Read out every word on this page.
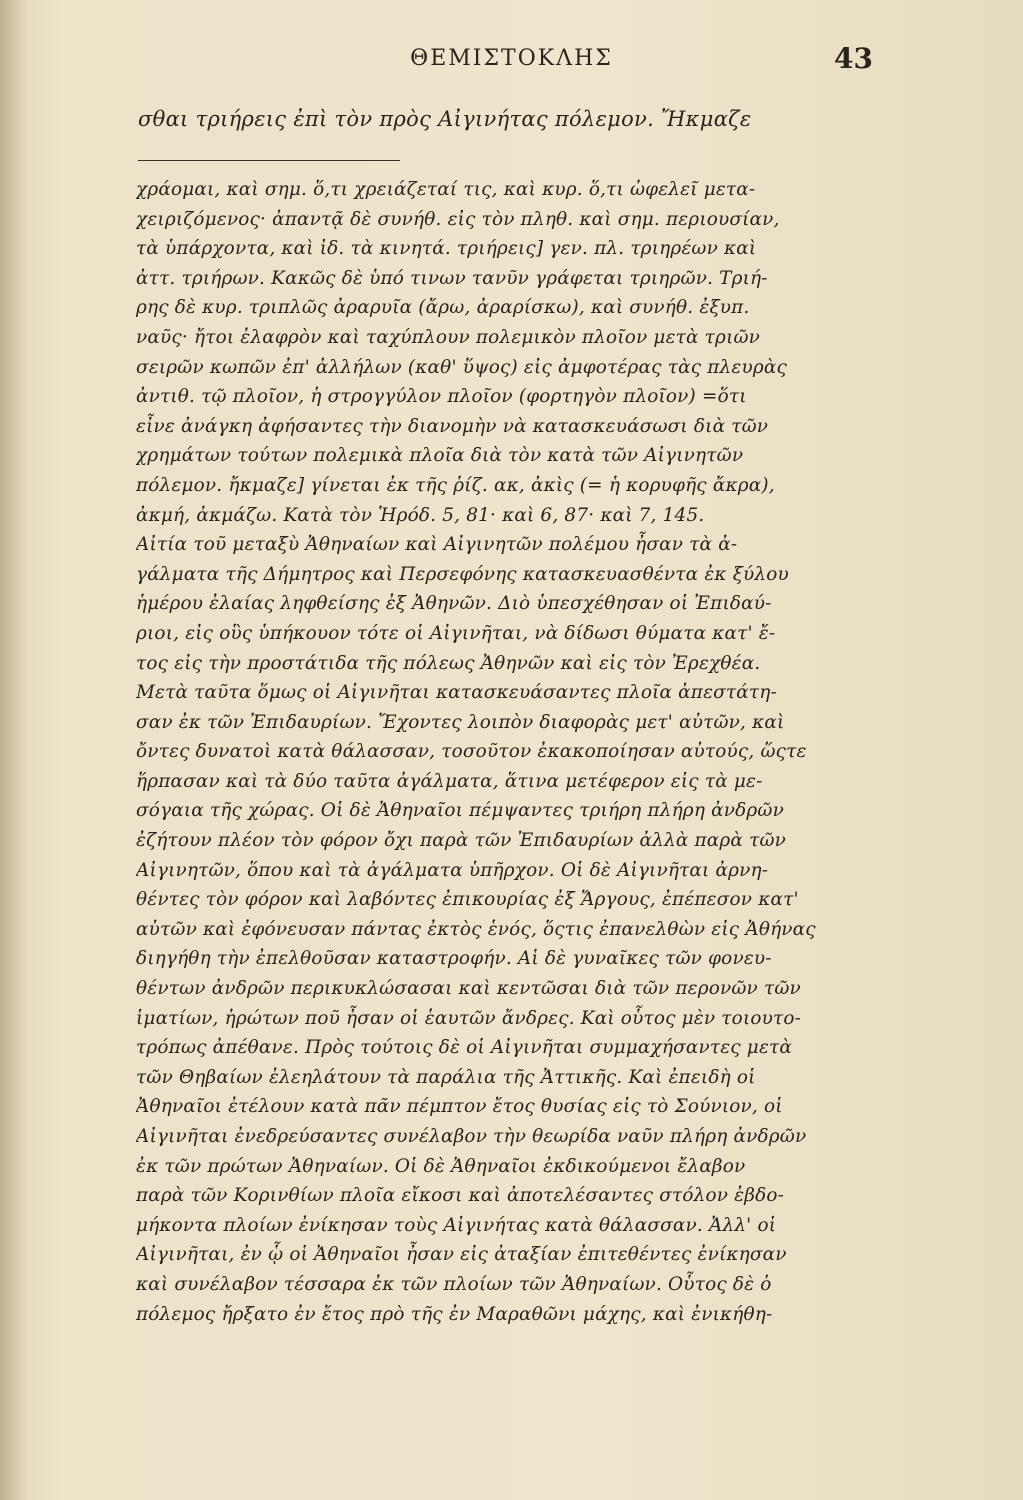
ΘΕΜΙΣΤΟΚΛΗΣ	43
σθαι τριήρεις ἐπὶ τὸν πρὸς Αἰγινήτας πόλεμον. Ἤκμαζε
χράομαι, καὶ σημ. ὅ,τι χρειάζεταί τις, καὶ κυρ. ὅ,τι ὠφελεῖ μετα-
χειριζόμενος· ἀπαντᾷ δὲ συνήθ. εἰς τὸν πληθ. καὶ σημ. περιουσίαν,
τὰ ὑπάρχοντα, καὶ ἰδ. τὰ κινητά. τριήρεις] γεν. πλ. τριηρέων καὶ
ἀττ. τριήρων. Κακῶς δὲ ὑπό τινων τανῦν γράφεται τριηρῶν. Τριή-
ρης δὲ κυρ. τριπλῶς ἀραρυῖα (ἄρω, ἀραρίσκω), καὶ συνήθ. ἐξυπ.
ναῦς· ἤτοι ἐλαφρὸν καὶ ταχύπλουν πολεμικὸν πλοῖον μετὰ τριῶν
σειρῶν κωπῶν ἐπ' ἀλλήλων (καθ' ὕψος) εἰς ἀμφοτέρας τὰς πλευρὰς
ἀντιθ. τῷ πλοῖον, ἡ στρογγύλον πλοῖον (φορτηγὸν πλοῖον) =ὅτι
εἶνε ἀνάγκη ἀφήσαντες τὴν διανομὴν νὰ κατασκευάσωσι διὰ τῶν
χρημάτων τούτων πολεμικὰ πλοῖα διὰ τὸν κατὰ τῶν Αἰγινητῶν
πόλεμον. ἤκμαζε] γίνεται ἐκ τῆς ῥίζ. ακ, ἀκὶς (= ἡ κορυφῆς ἄκρα),
ἀκμή, ἀκμάζω. Κατὰ τὸν Ἡρόδ. 5, 81· καὶ 6, 87· καὶ 7, 145.
Αἰτία τοῦ μεταξὺ Ἀθηναίων καὶ Αἰγινητῶν πολέμου ἦσαν τὰ ἀ-
γάλματα τῆς Δήμητρος καὶ Περσεφόνης κατασκευασθέντα ἐκ ξύλου
ἡμέρου ἐλαίας ληφθείσης ἐξ Ἀθηνῶν. Διὸ ὑπεσχέθησαν οἱ Ἐπιδαύ-
ριοι, εἰς οὓς ὑπήκουον τότε οἱ Αἰγινῆται, νὰ δίδωσι θύματα κατ' ἔ-
τος εἰς τὴν προστάτιδα τῆς πόλεως Ἀθηνῶν καὶ εἰς τὸν Ἐρεχθέα.
Μετὰ ταῦτα ὅμως οἱ Αἰγινῆται κατασκευάσαντες πλοῖα ἀπεστάτη-
σαν ἐκ τῶν Ἐπιδαυρίων. Ἔχοντες λοιπὸν διαφορὰς μετ' αὐτῶν, καὶ
ὄντες δυνατοὶ κατὰ θάλασσαν, τοσοῦτον ἐκακοποίησαν αὐτούς, ὥςτε
ἥρπασαν καὶ τὰ δύο ταῦτα ἀγάλματα, ἅτινα μετέφερον εἰς τὰ με-
σόγαια τῆς χώρας. Οἱ δὲ Ἀθηναῖοι πέμψαντες τριήρη πλήρη ἀνδρῶν
ἐζήτουν πλέον τὸν φόρον ὄχι παρὰ τῶν Ἐπιδαυρίων ἀλλὰ παρὰ τῶν
Αἰγινητῶν, ὅπου καὶ τὰ ἀγάλματα ὑπῆρχον. Οἱ δὲ Αἰγινῆται ἀρνη-
θέντες τὸν φόρον καὶ λαβόντες ἐπικουρίας ἐξ Ἄργους, ἐπέπεσον κατ'
αὐτῶν καὶ ἐφόνευσαν πάντας ἐκτὸς ἑνός, ὅςτις ἐπανελθὼν εἰς Ἀθήνας
διηγήθη τὴν ἐπελθοῦσαν καταστροφήν. Αἱ δὲ γυναῖκες τῶν φονευ-
θέντων ἀνδρῶν περικυκλώσασαι καὶ κεντῶσαι διὰ τῶν περονῶν τῶν
ἱματίων, ἠρώτων ποῦ ἦσαν οἱ ἑαυτῶν ἄνδρες. Καὶ οὗτος μὲν τοιουτο-
τρόπως ἀπέθανε. Πρὸς τούτοις δὲ οἱ Αἰγινῆται συμμαχήσαντες μετὰ
τῶν Θηβαίων ἐλεηλάτουν τὰ παράλια τῆς Ἀττικῆς. Καὶ ἐπειδὴ οἱ
Ἀθηναῖοι ἐτέλουν κατὰ πᾶν πέμπτον ἔτος θυσίας εἰς τὸ Σούνιον, οἱ
Αἰγινῆται ἐνεδρεύσαντες συνέλαβον τὴν θεωρίδα ναῦν πλήρη ἀνδρῶν
ἐκ τῶν πρώτων Ἀθηναίων. Οἱ δὲ Ἀθηναῖοι ἐκδικούμενοι ἔλαβον
παρὰ τῶν Κορινθίων πλοῖα εἴκοσι καὶ ἀποτελέσαντες στόλον ἑβδο-
μήκοντα πλοίων ἐνίκησαν τοὺς Αἰγινήτας κατὰ θάλασσαν. Ἀλλ' οἱ
Αἰγινῆται, ἐν ᾧ οἱ Ἀθηναῖοι ἦσαν εἰς ἀταξίαν ἐπιτεθέντες ἐνίκησαν
καὶ συνέλαβον τέσσαρα ἐκ τῶν πλοίων τῶν Ἀθηναίων. Οὗτος δὲ ὁ
πόλεμος ἤρξατο ἐν ἔτος πρὸ τῆς ἐν Μαραθῶνι μάχης, καὶ ἐνικήθη-
